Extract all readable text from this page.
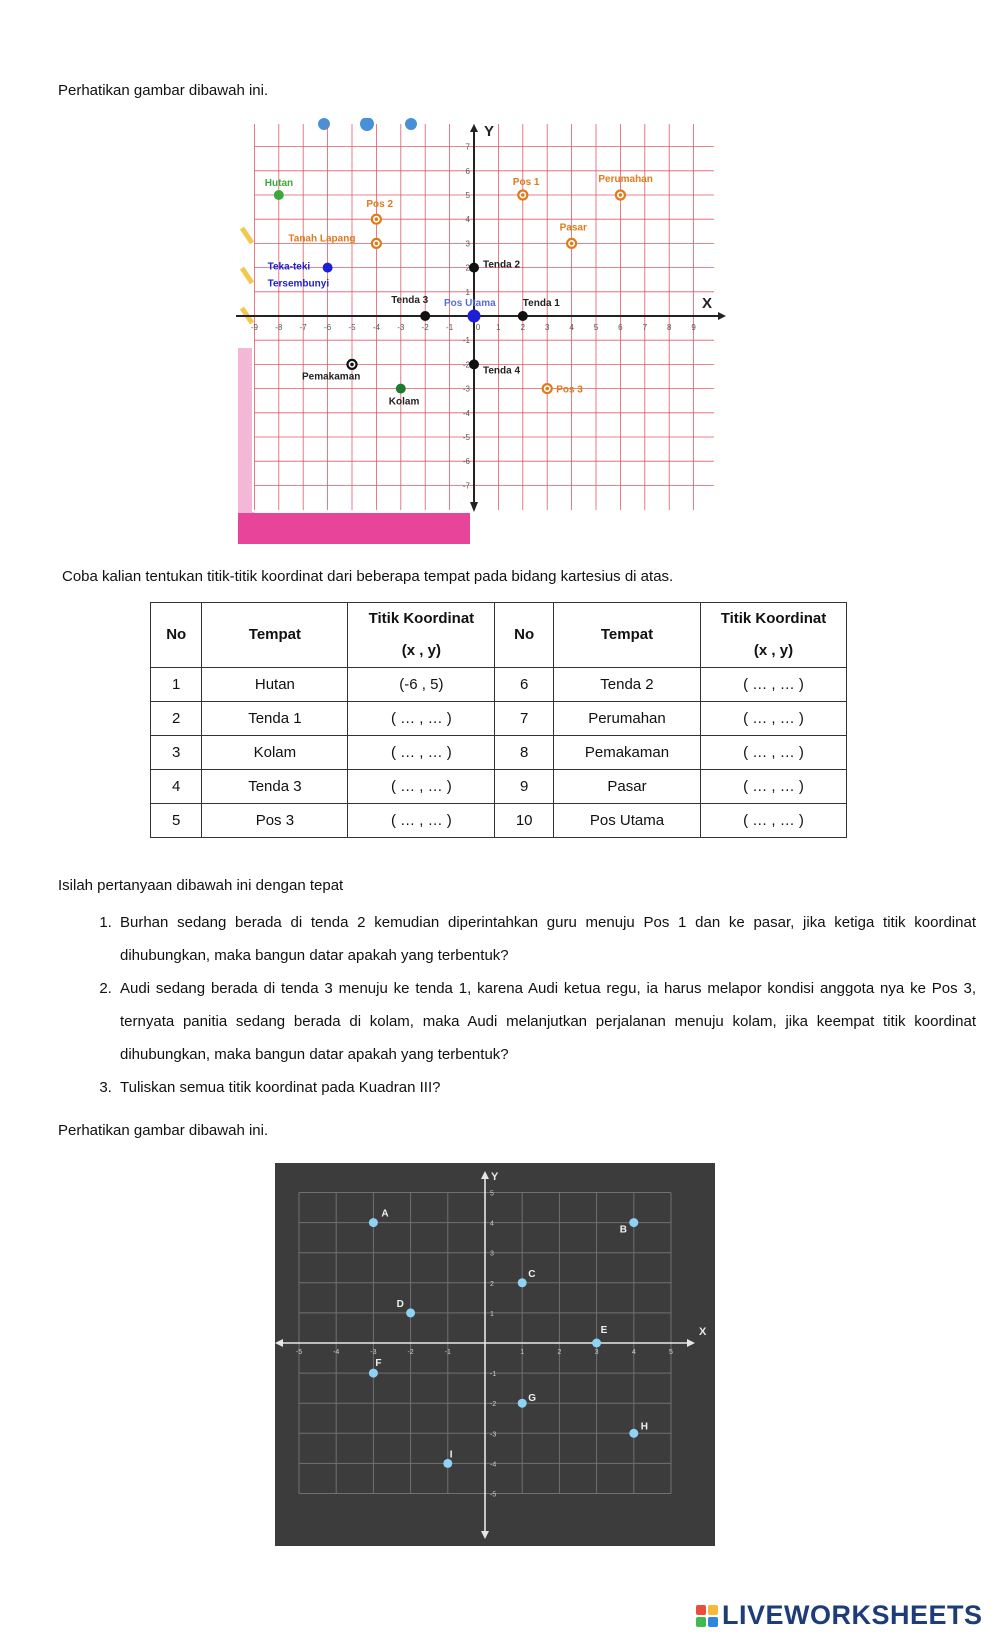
Perhatikan gambar dibawah ini.
-9 -8 -7 -6 -5 -4 -3 -2 -1	0 1 2 3 4 5 6 7 8 9
7
6
5
4
3
2
1
-1
-2
-3
-4
-5
-6
-7
Hutan
Pos 2
Tanah Lapang
Teka-teki Tersembunyi
Pos 1	Perumahan
Pasar
Tenda 2
Tenda 3 Pos Utama	Tenda 1
Tenda 4
Pemakaman
Kolam
Pos 3
X
Y
Coba kalian tentukan titik-titik koordinat dari beberapa tempat pada bidang kartesius di atas.
No	Tempat	Titik Koordinat
(x , y)	No	Tempat	Titik Koordinat
(x , y)
1	Hutan	(-6 , 5)	6	Tenda 2	( … , … )
2	Tenda 1	( … , … )	7	Perumahan	( … , … )
3	Kolam	( … , … )	8	Pemakaman	( … , … )
4	Tenda 3	( … , … )	9	Pasar	( … , … )
5	Pos 3	( … , … )	10	Pos Utama	( … , … )
Isilah pertanyaan dibawah ini dengan tepat
1. Burhan sedang berada di tenda 2 kemudian diperintahkan guru menuju Pos 1 dan ke pasar, jika ketiga titik koordinat dihubungkan, maka bangun datar apakah yang terbentuk?
2. Audi sedang berada di tenda 3 menuju ke tenda 1, karena Audi ketua regu, ia harus melapor kondisi anggota nya ke Pos 3, ternyata panitia sedang berada di kolam, maka Audi melanjutkan perjalanan menuju kolam, jika keempat titik koordinat dihubungkan, maka bangun datar apakah yang terbentuk?
3. Tuliskan semua titik koordinat pada Kuadran III?
Perhatikan gambar dibawah ini.
-5	-4	-3	-2	-1	1	2	3	4	5
5
4
3
2
1
-1
-2
-3
-4
-5
A
B
C
D
E
F
G
H
I
X
Y
LIVEWORKSHEETS
